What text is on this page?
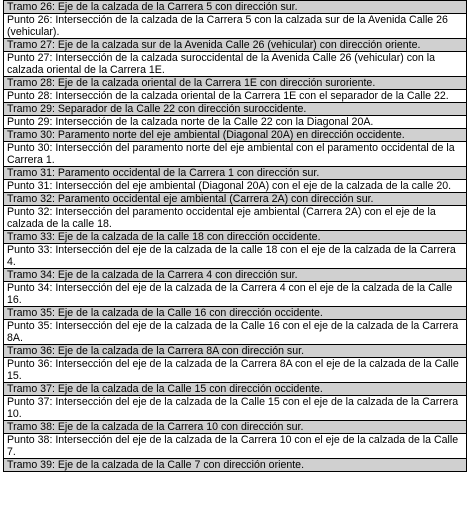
Tramo 26: Eje de la calzada de la Carrera 5 con dirección sur.
Punto 26: Intersección de la calzada de la Carrera 5 con la calzada sur de la Avenida Calle 26 (vehicular).
Tramo 27: Eje de la calzada sur de la Avenida Calle 26 (vehicular) con dirección oriente.
Punto 27: Intersección de la calzada suroccidental de la Avenida Calle 26 (vehicular) con la calzada oriental de la Carrera 1E.
Tramo 28: Eje de la calzada oriental de la Carrera 1E con dirección suroriente.
Punto 28: Intersección de la calzada oriental de la Carrera 1E con el separador de la Calle 22.
Tramo 29: Separador de la Calle 22 con dirección suroccidente.
Punto 29: Intersección de la calzada norte de la Calle 22 con la Diagonal 20A.
Tramo 30: Paramento norte del eje ambiental (Diagonal 20A) en dirección occidente.
Punto 30: Intersección del paramento norte del eje ambiental con el paramento occidental de la Carrera 1.
Tramo 31: Paramento occidental de la Carrera 1 con dirección sur.
Punto 31: Intersección del eje ambiental (Diagonal 20A) con el eje de la calzada de la calle 20.
Tramo 32: Paramento occidental eje ambiental (Carrera 2A) con dirección sur.
Punto 32: Intersección del paramento occidental eje ambiental (Carrera 2A) con el eje de la calzada de la calle 18.
Tramo 33: Eje de la calzada de la calle 18 con dirección occidente.
Punto 33: Intersección del eje de la calzada de la calle 18 con el eje de la calzada de la Carrera 4.
Tramo 34: Eje de la calzada de la Carrera 4 con dirección sur.
Punto 34: Intersección del eje de la calzada de la Carrera 4 con el eje de la calzada de la Calle 16.
Tramo 35: Eje de la calzada de la Calle 16 con dirección occidente.
Punto 35: Intersección del eje de la calzada de la Calle 16 con el eje de la calzada de la Carrera 8A.
Tramo 36: Eje de la calzada de la Carrera 8A con dirección sur.
Punto 36: Intersección del eje de la calzada de la Carrera 8A con el eje de la calzada de la Calle 15.
Tramo 37: Eje de la calzada de la Calle 15 con dirección occidente.
Punto 37: Intersección del eje de la calzada de la Calle 15 con el eje de la calzada de la Carrera 10.
Tramo 38: Eje de la calzada de la Carrera 10 con dirección sur.
Punto 38: Intersección del eje de la calzada de la Carrera 10 con el eje de la calzada de la Calle 7.
Tramo 39: Eje de la calzada de la Calle 7 con dirección oriente.
